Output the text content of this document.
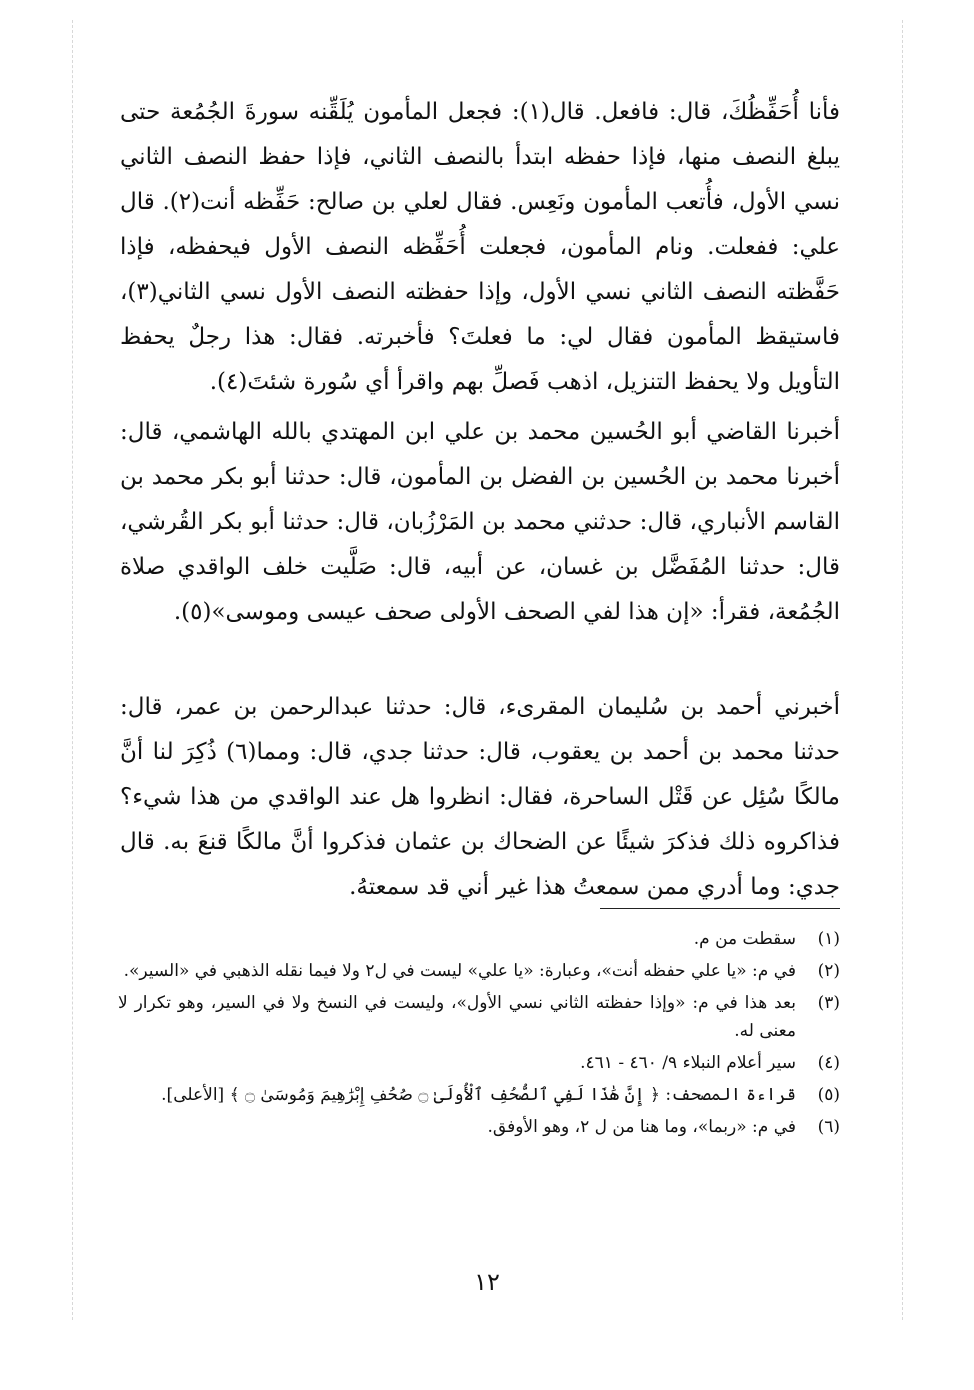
فأنا أُحَفِّظُكَ، قال: فافعل. قال(١): فجعل المأمون يُلَقِّنه سورةَ الجُمُعة حتى يبلغ النصف منها، فإذا حفظه ابتدأ بالنصف الثاني، فإذا حفظ النصف الثاني نسي الأول، فأُتعب المأمون ونَعِس. فقال لعلي بن صالح: حَفِّظه أنت(٢). قال علي: ففعلت. ونام المأمون، فجعلت أُحَفِّظه النصف الأول فيحفظه، فإذا حَفَّظته النصف الثاني نسي الأول، وإذا حفظته النصف الأول نسي الثاني(٣)، فاستيقظ المأمون فقال لي: ما فعلتَ؟ فأخبرته. فقال: هذا رجلٌ يحفظ التأويل ولا يحفظ التنزيل، اذهب فَصلِّ بهم واقرأ أي سُورة شئتَ(٤).

أخبرنا القاضي أبو الحُسين محمد بن علي ابن المهتدي بالله الهاشمي، قال: أخبرنا محمد بن الحُسين بن الفضل بن المأمون، قال: حدثنا أبو بكر محمد بن القاسم الأنباري، قال: حدثني محمد بن المَرْزُبان، قال: حدثنا أبو بكر القُرشي، قال: حدثنا المُفَضَّل بن غسان، عن أبيه، قال: صَلَّيت خلف الواقدي صلاة الجُمُعة، فقرأ: «إن هذا لفي الصحف الأولى صحف عيسى وموسى»(٥).

أخبرني أحمد بن سُليمان المقرىء، قال: حدثنا عبدالرحمن بن عمر، قال: حدثنا محمد بن أحمد بن يعقوب، قال: حدثنا جدي، قال: ومما(٦) ذُكِرَ لنا أنَّ مالكًا سُئِل عن قَتْل الساحرة، فقال: انظروا هل عند الواقدي من هذا شيء؟ فذاكروه ذلك فذكرَ شيئًا عن الضحاك بن عثمان فذكروا أنَّ مالكًا قنعَ به. قال جدي: وما أدري ممن سمعتُ هذا غير أني قد سمعتهُ.

(١)
سقطت من م.
(٢)
في م: «يا علي حفظه أنت»، وعبارة: «يا علي» ليست في ل٢ ولا فيما نقله الذهبي في «السير».
(٣)
بعد هذا في م: «وإذا حفظته الثاني نسي الأول»، وليست في النسخ ولا في السير، وهو تكرار لا معنى له.
(٤)
سير أعلام النبلاء ٩/ ٤٦٠ - ٤٦١.
(٥)
قراءة المصحف: ﴿ إِنَّ هَٰذَا لَفِي ٱلصُّحُفِ ٱلْأُولَىٰ ۝ صُحُفِ إِبْرَٰهِيمَ وَمُوسَىٰ ۝ ﴾ [الأعلى].
(٦)
في م: «ربما»، وما هنا من ل ٢، وهو الأوفق.
١٢
